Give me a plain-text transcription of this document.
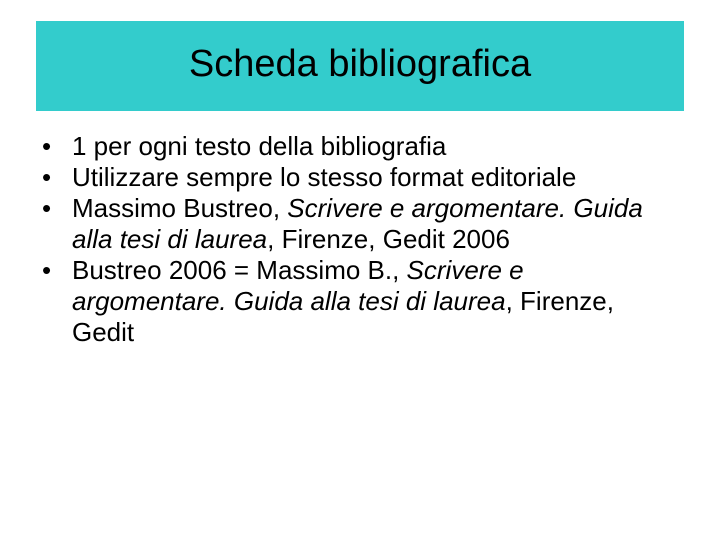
Scheda bibliografica
• 1 per ogni testo della bibliografia
• Utilizzare sempre lo stesso format editoriale
• Massimo Bustreo, Scrivere e argomentare. Guida alla tesi di laurea, Firenze, Gedit 2006
• Bustreo 2006 = Massimo B., Scrivere e argomentare. Guida alla tesi di laurea, Firenze, Gedit
